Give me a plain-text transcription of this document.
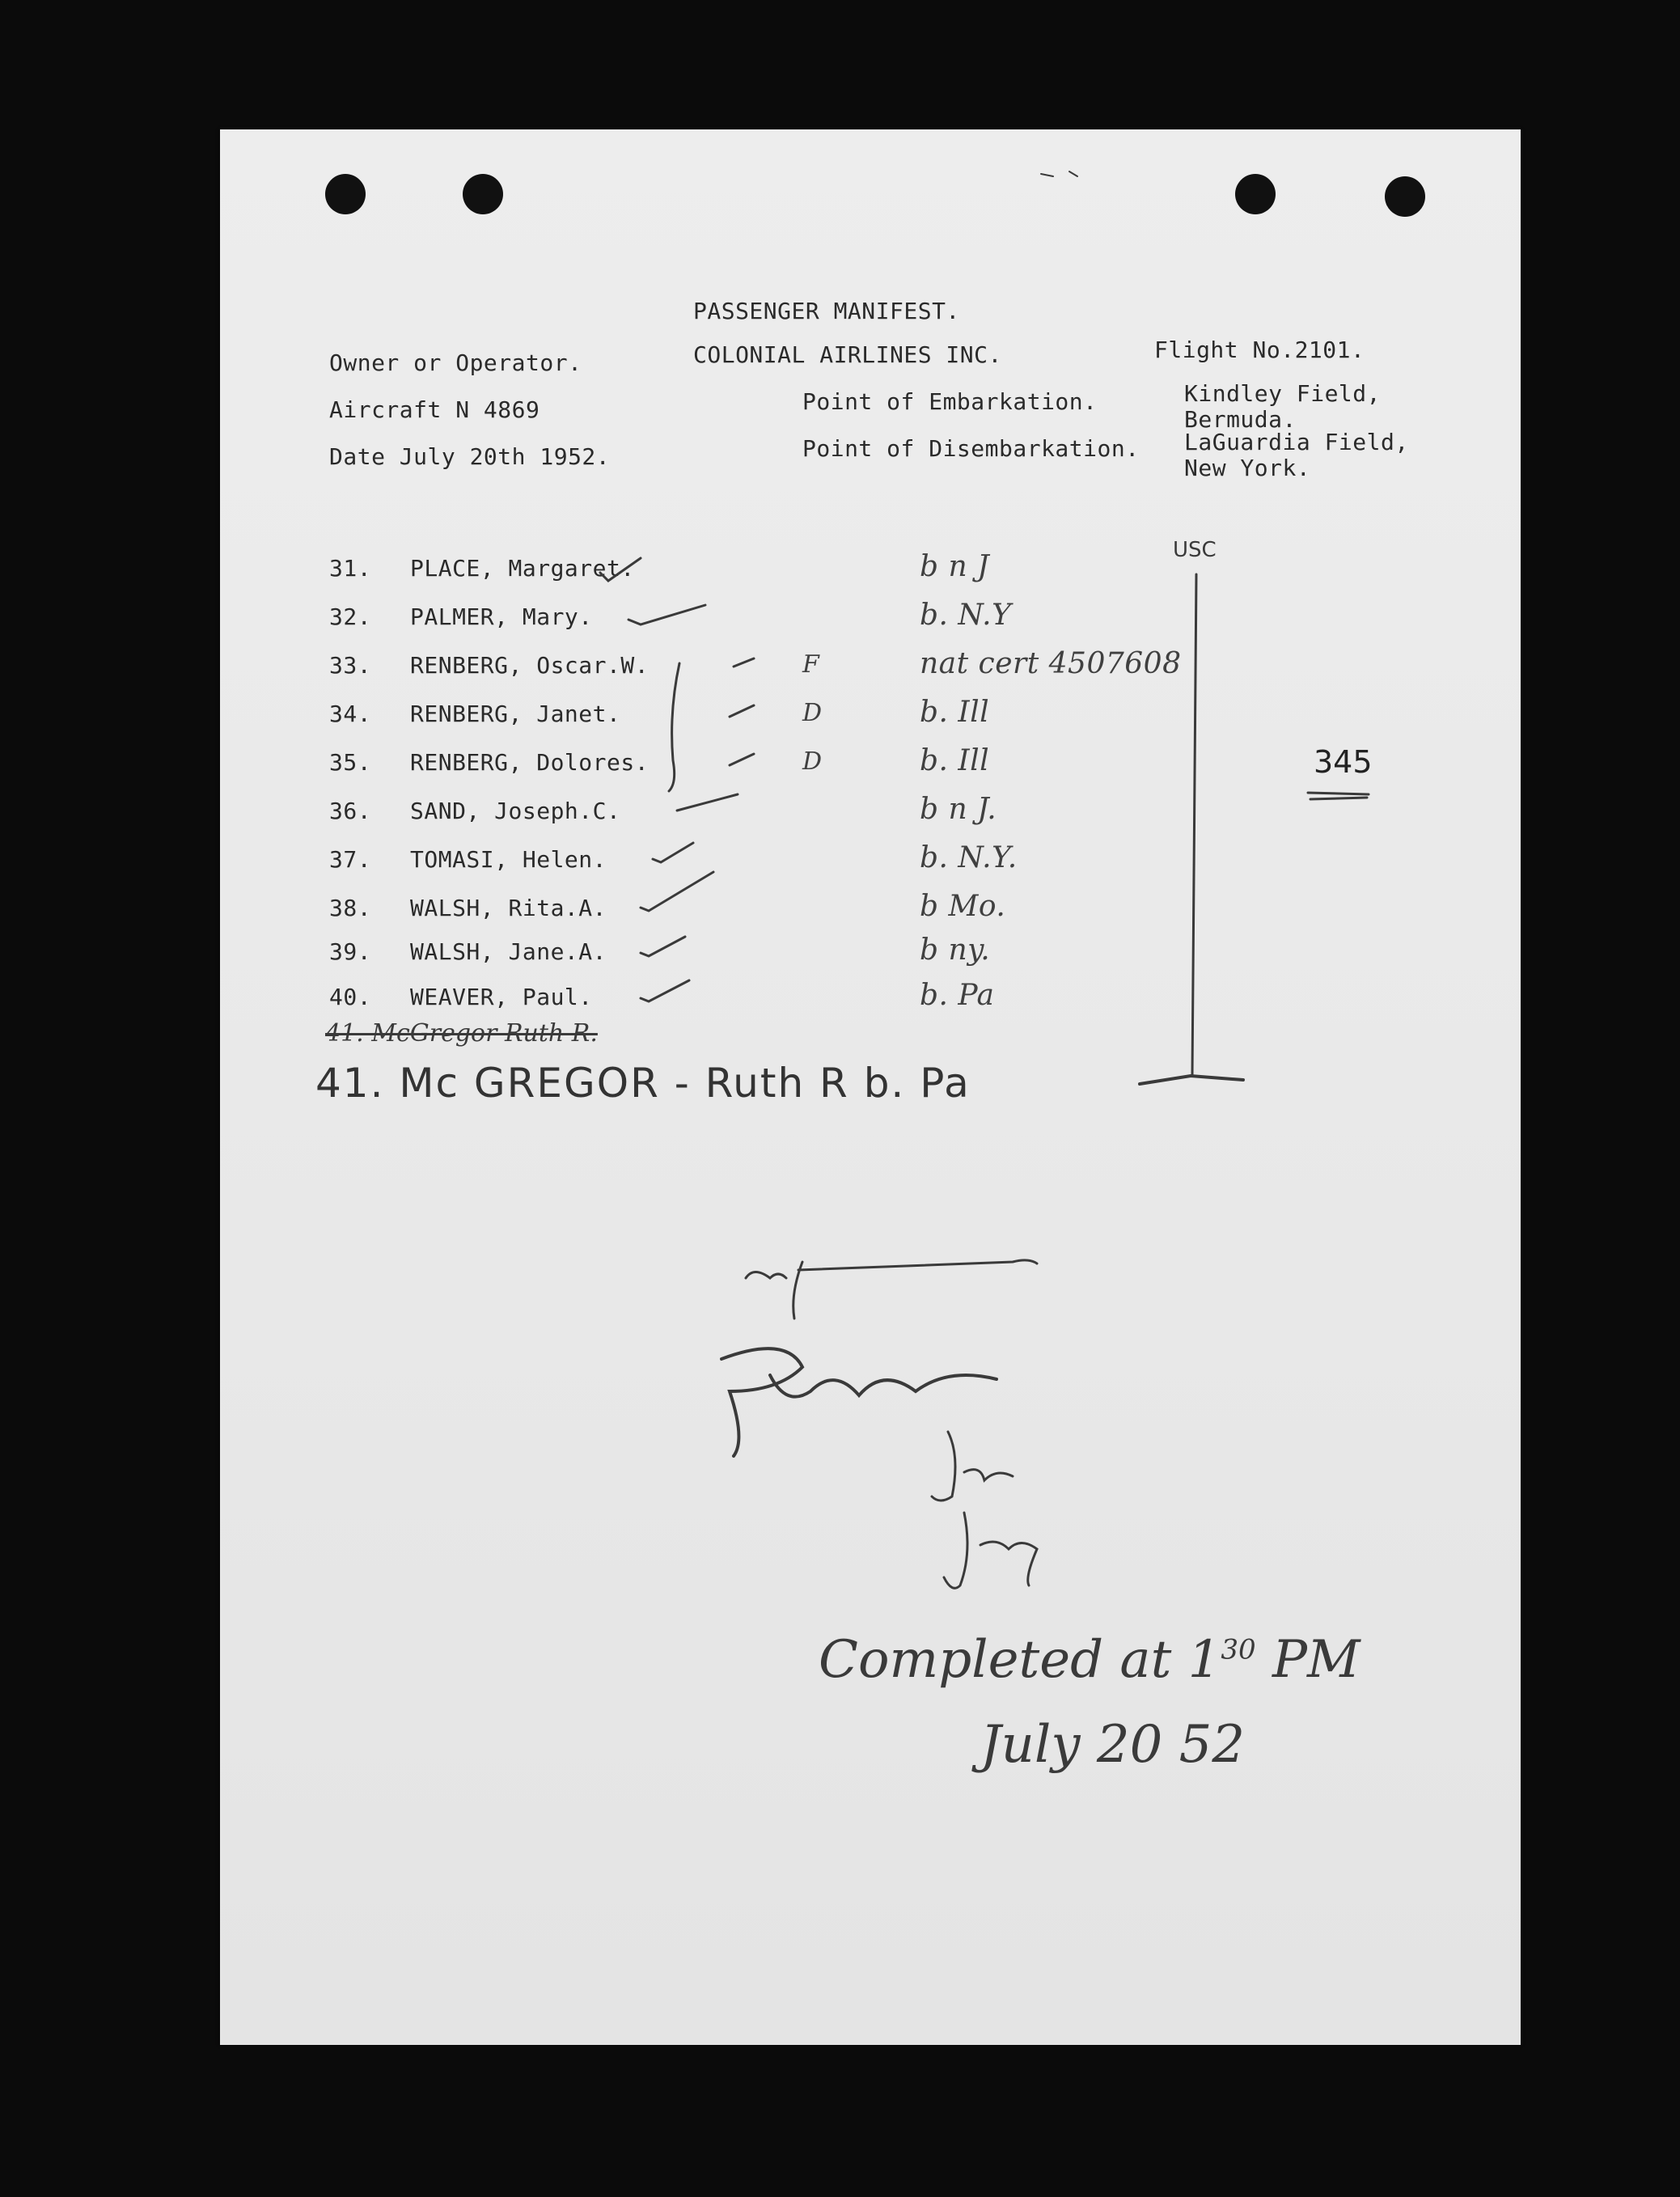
PASSENGER MANIFEST.
Owner or Operator.	COLONIAL AIRLINES INC.	Flight No.2101.
Aircraft N 4869	Point of Embarkation.	Kindley Field,
Bermuda.
Date July 20th 1952.	Point of Disembarkation. LaGuardia Field,
New York.
31.	PLACE, Margaret.	b n J
32.	PALMER, Mary.	b. N.Y
33.	RENBERG, Oscar.W.	F	nat cert 4507608
34.	RENBERG, Janet.	D	b. Ill
35.	RENBERG, Dolores.	D	b. Ill
36.	SAND, Joseph.C.	b n J.
37.	TOMASI, Helen.	b. N.Y.
38.	WALSH, Rita.A.	b Mo.
39.	WALSH, Jane.A.	b ny.
40.	WEAVER, Paul.	b. Pa
41. McGregor Ruth R.
41. Mc GREGOR - Ruth R b. Pa
USC
345
Completed at $1^{30}$ PM
July 20 52
